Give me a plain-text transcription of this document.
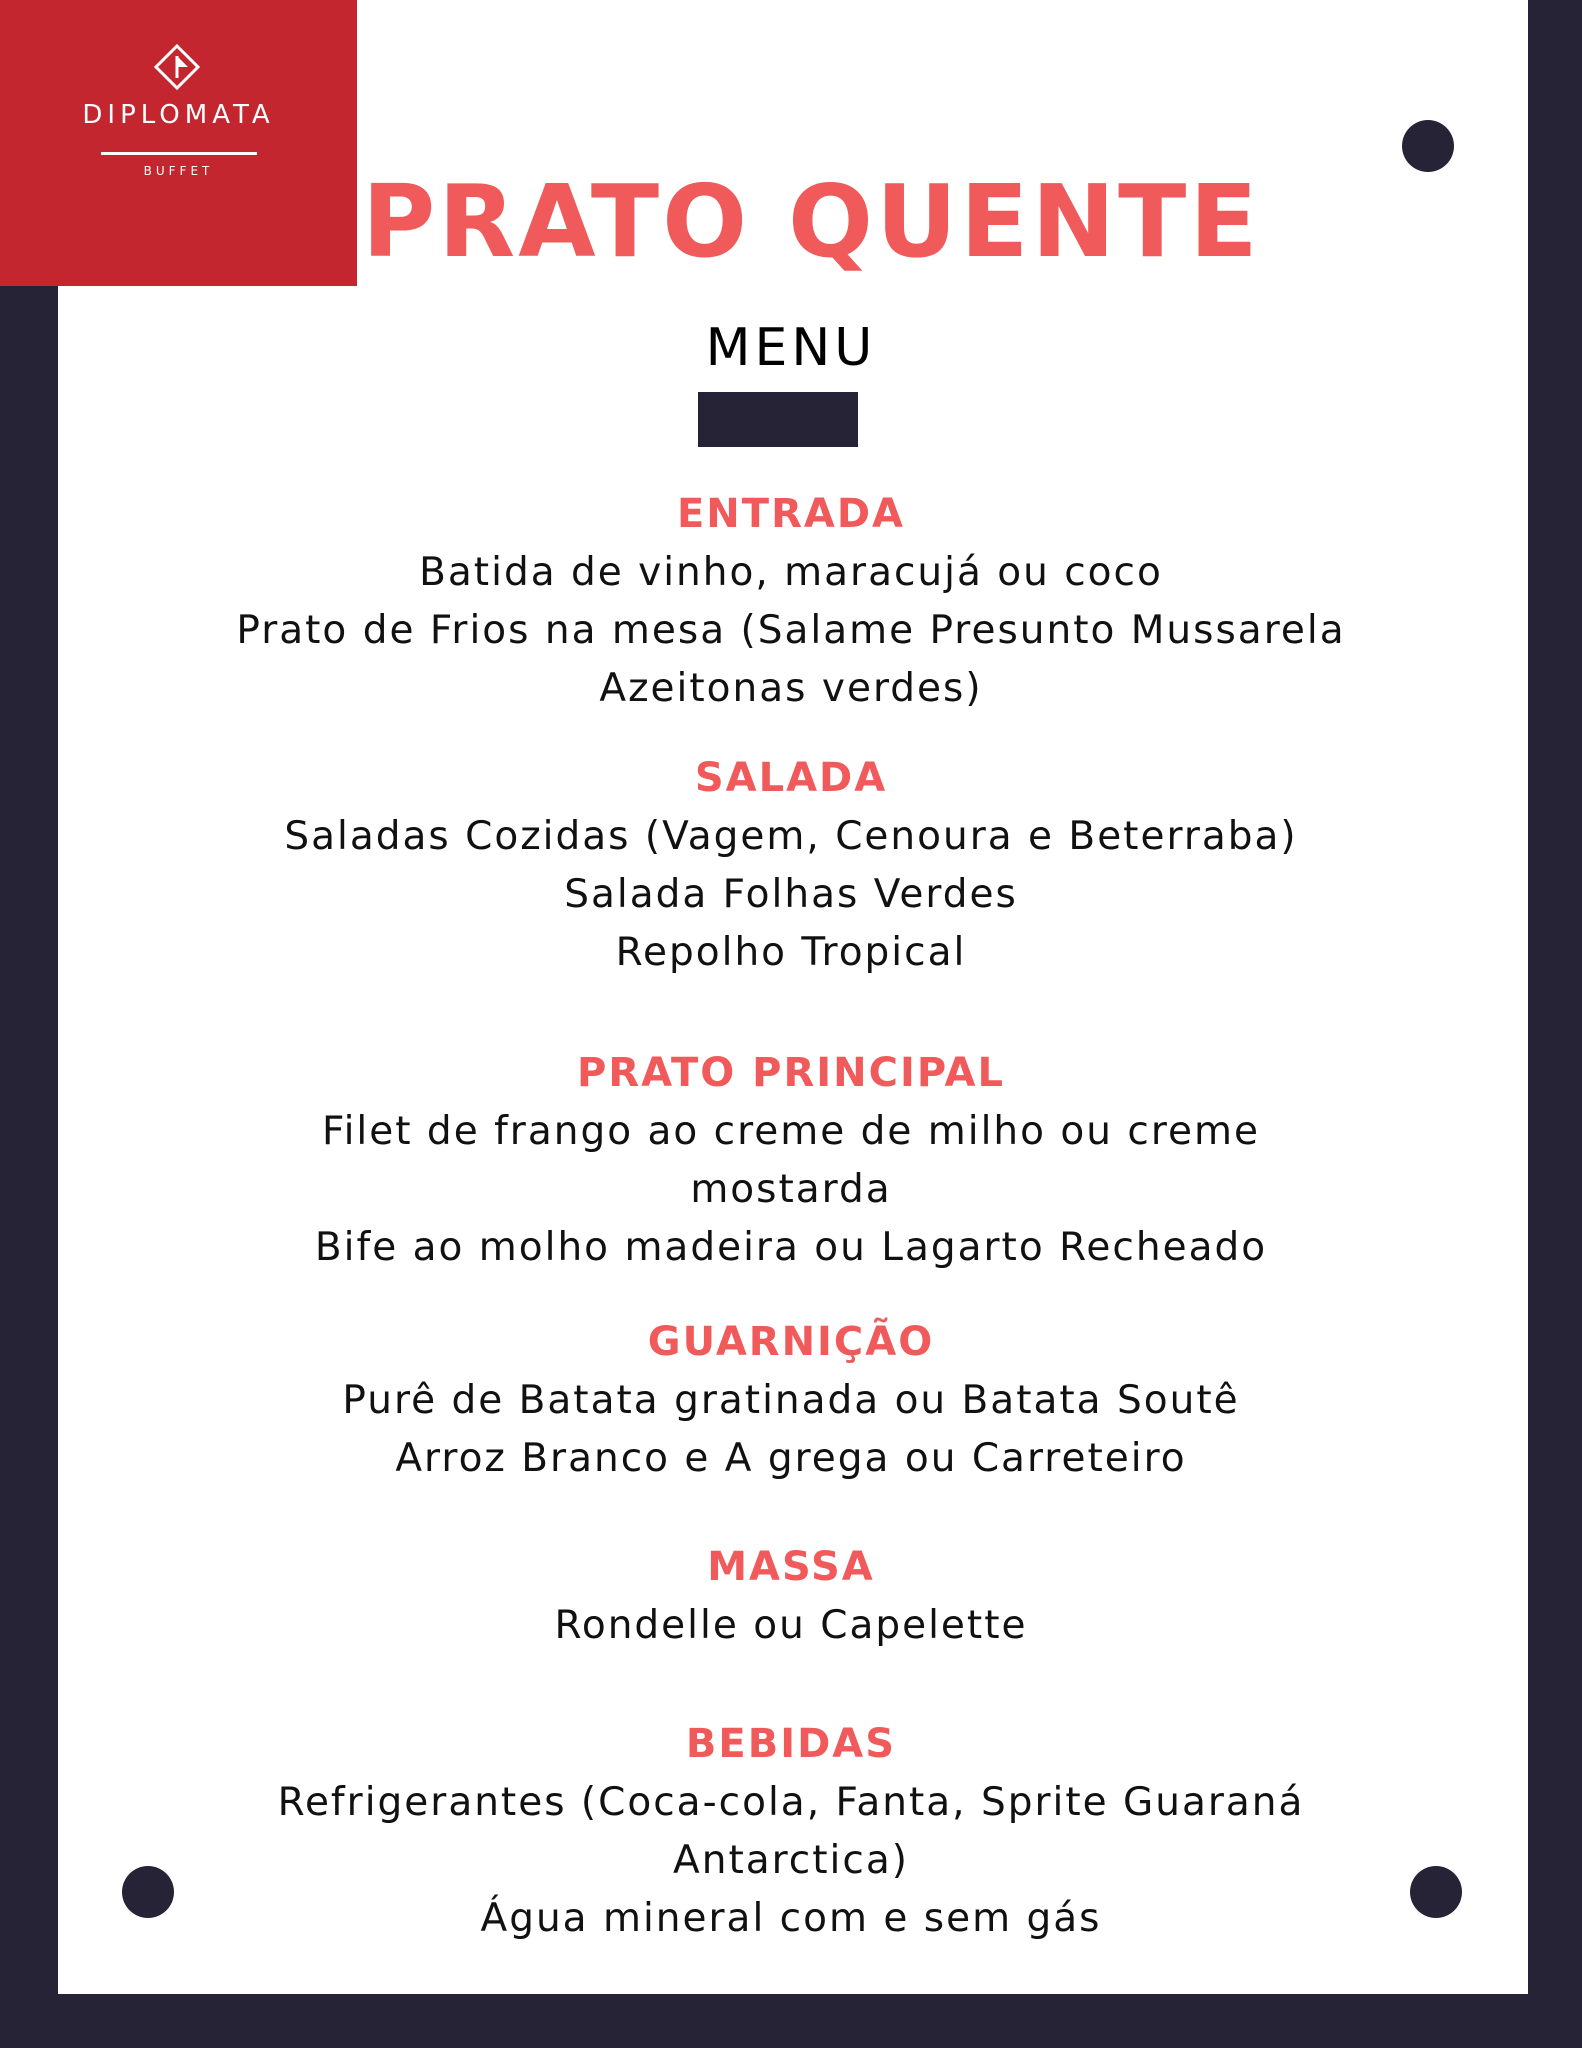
DIPLOMATA
BUFFET	PRATO QUENTE
MENU
ENTRADA
Batida de vinho, maracujá ou coco
Prato de Frios na mesa (Salame Presunto Mussarela
Azeitonas verdes)
SALADA
Saladas Cozidas (Vagem, Cenoura e Beterraba)
Salada Folhas Verdes
Repolho Tropical
PRATO PRINCIPAL
Filet de frango ao creme de milho ou creme
mostarda
Bife ao molho madeira ou Lagarto Recheado
GUARNIÇÃO
Purê de Batata gratinada ou Batata Soutê
Arroz Branco e A grega ou Carreteiro
MASSA
Rondelle ou Capelette
BEBIDAS
Refrigerantes (Coca-cola, Fanta, Sprite Guaraná
Antarctica)
Água mineral com e sem gás
